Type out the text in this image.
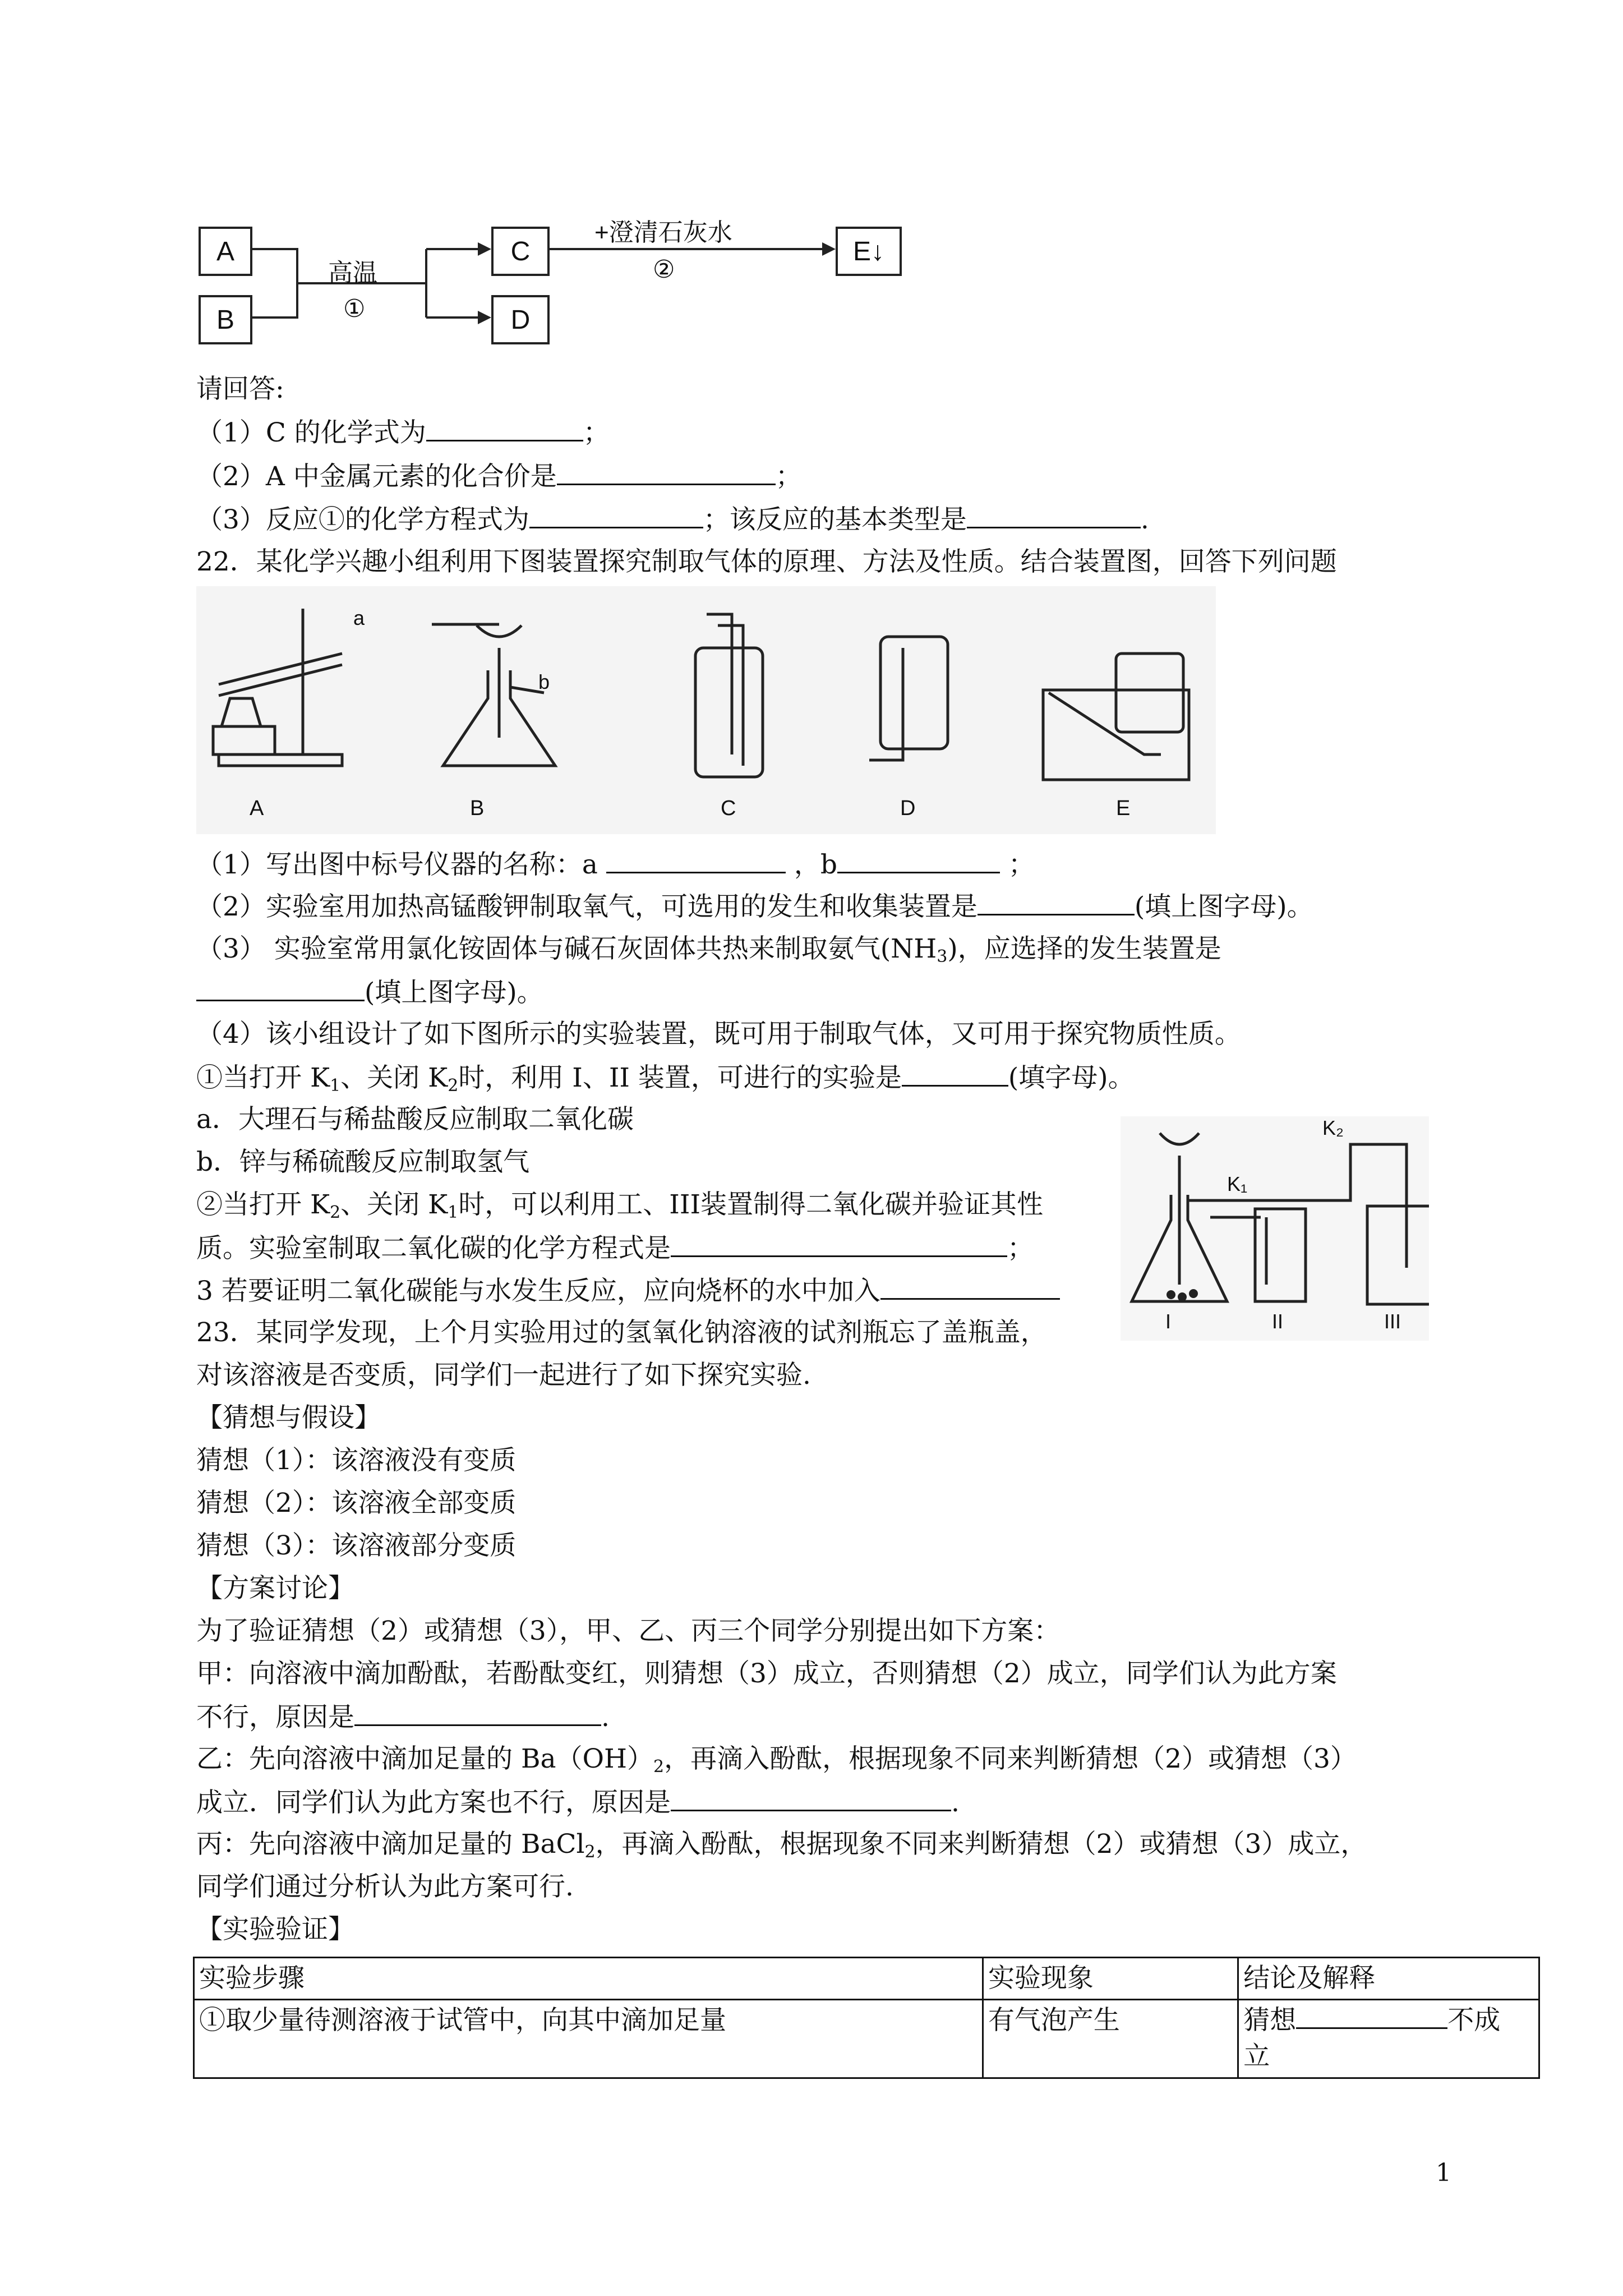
A
B
C
D
E↓
高温
①
+澄清石灰水
②
请回答:
（1）C 的化学式为	；
（2）A 中金属元素的化合价是	；
（3）反应①的化学方程式为	；该反应的基本类型是	.
22．某化学兴趣小组利用下图装置探究制取气体的原理、方法及性质。结合装置图，回答下列问题
a
b
A	B	C	D	E
（1）写出图中标号仪器的名称：a	，b	；
（2）实验室用加热高锰酸钾制取氧气，可选用的发生和收集装置是	(填上图字母)。
（3） 实验室常用氯化铵固体与碱石灰固体共热来制取氨气$(NH_3)$，应选择的发生装置是
(填上图字母)。
（4）该小组设计了如下图所示的实验装置，既可用于制取气体，又可用于探究物质性质。
①当打开 $K_1$、关闭 $K_2$时，利用 I、II 装置，可进行的实验是	(填字母)。
a．大理石与稀盐酸反应制取二氧化碳
b．锌与稀硫酸反应制取氢气
②当打开 $K_2$、关闭 $K_1$时，可以利用工、III装置制得二氧化碳并验证其性
质。实验室制取二氧化碳的化学方程式是	；
3 若要证明二氧化碳能与水发生反应，应向烧杯的水中加入
K₂
K₁
I	II	III
23．某同学发现，上个月实验用过的氢氧化钠溶液的试剂瓶忘了盖瓶盖，
对该溶液是否变质，同学们一起进行了如下探究实验.
【猜想与假设】
猜想（1）：该溶液没有变质
猜想（2）：该溶液全部变质
猜想（3）：该溶液部分变质
【方案讨论】
为了验证猜想（2）或猜想（3），甲、乙、丙三个同学分别提出如下方案：
甲：向溶液中滴加酚酞，若酚酞变红，则猜想（3）成立，否则猜想（2）成立，同学们认为此方案
不行，原因是	.
乙：先向溶液中滴加足量的 $Ba(OH)_2$，再滴入酚酞，根据现象不同来判断猜想（2）或猜想（3）
成立．同学们认为此方案也不行，原因是	.
丙：先向溶液中滴加足量的 BaCl$_2$，再滴入酚酞，根据现象不同来判断猜想（2）或猜想（3）成立，
同学们通过分析认为此方案可行.
【实验验证】
实验步骤	实验现象	结论及解释
①取少量待测溶液于试管中，向其中滴加足量	有气泡产生	猜想 不成
立
1
